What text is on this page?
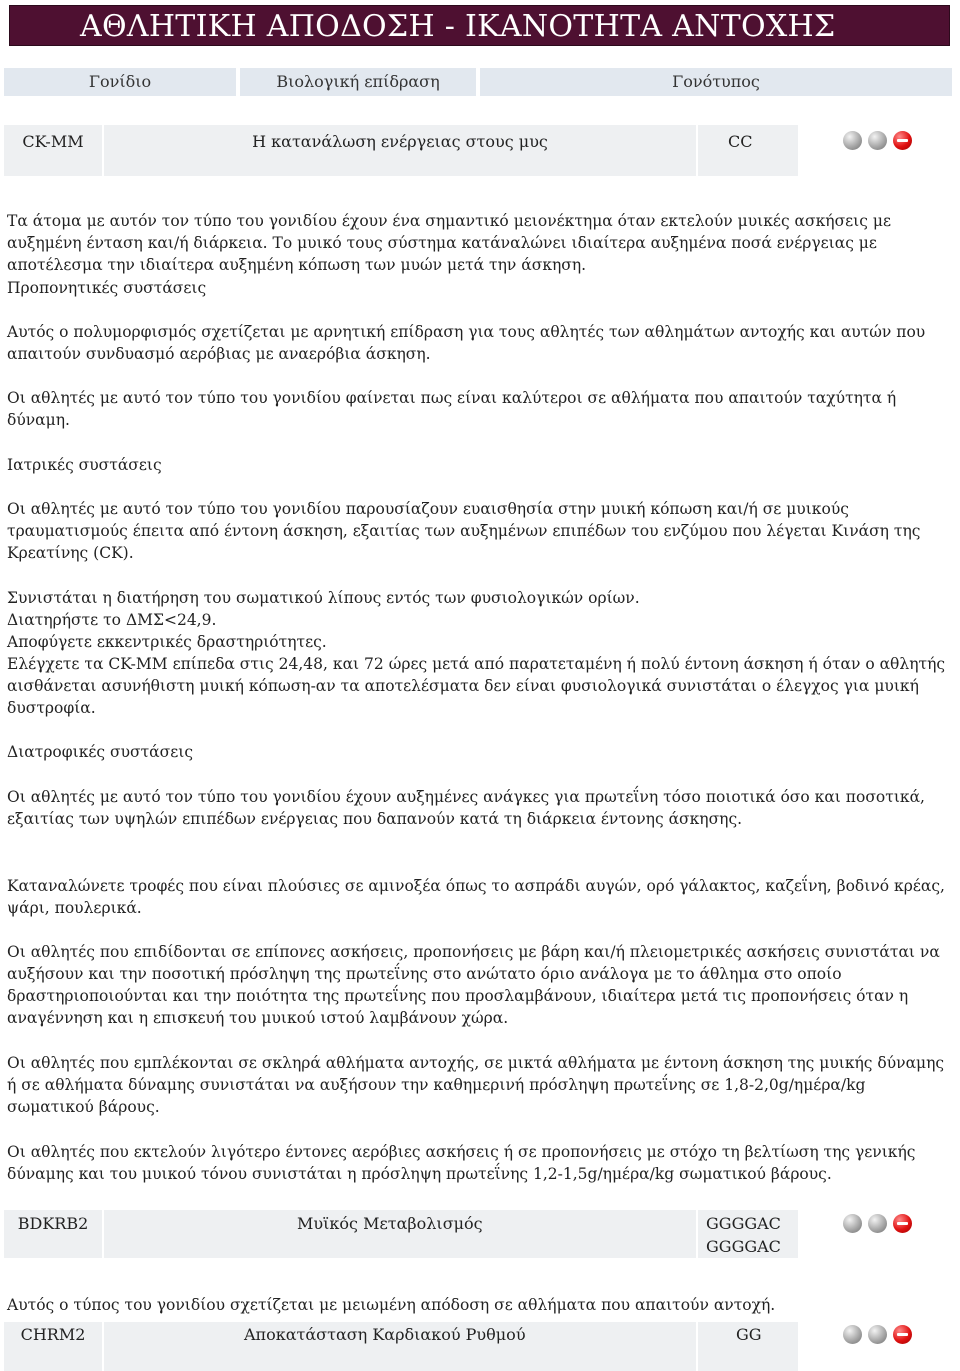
ΑΘΛΗΤΙΚΗ ΑΠΟΔΟΣΗ - ΙΚΑΝΟΤΗΤΑ ΑΝΤΟΧΗΣ
Γονίδιο	Βιολογική επίδραση	Γονότυπος
CK-MM	Η κατανάλωση ενέργειας στους μυς	CC

Τα άτομα με αυτόν τον τύπο του γονιδίου έχουν ένα σημαντικό μειονέκτημα όταν εκτελούν μυικές ασκήσεις με αυξημένη ένταση και/ή διάρκεια. Το μυικό τους σύστημα κατάναλώνει ιδιαίτερα αυξημένα ποσά ενέργειας με αποτέλεσμα την ιδιαίτερα αυξημένη κόπωση των μυών μετά την άσκηση.

Προπονητικές συστάσεις

Αυτός ο πολυμορφισμός σχετίζεται με αρνητική επίδραση για τους αθλητές των αθλημάτων αντοχής και αυτών που απαιτούν συνδυασμό αερόβιας με αναερόβια άσκηση.

Οι αθλητές με αυτό τον τύπο του γονιδίου φαίνεται πως είναι καλύτεροι σε αθλήματα που απαιτούν ταχύτητα ή δύναμη.

Ιατρικές συστάσεις

Οι αθλητές με αυτό τον τύπο του γονιδίου παρουσίαζουν ευαισθησία στην μυική κόπωση και/ή σε μυικούς τραυματισμούς έπειτα από έντονη άσκηση, εξαιτίας των αυξημένων επιπέδων του ενζύμου που λέγεται Κινάση της Κρεατίνης (CK).

Συνιστάται η διατήρηση του σωματικού λίπους εντός των φυσιολογικών ορίων.

Διατηρήστε το ΔΜΣ<24,9.

Αποφύγετε εκκεντρικές δραστηριότητες.

Ελέγχετε τα CK-MM επίπεδα στις 24,48, και 72 ώρες μετά από παρατεταμένη ή πολύ έντονη άσκηση ή όταν ο αθλητής αισθάνεται ασυνήθιστη μυική κόπωση-αν τα αποτελέσματα δεν είναι φυσιολογικά συνιστάται ο έλεγχος για μυική δυστροφία.

Διατροφικές συστάσεις

Οι αθλητές με αυτό τον τύπο του γονιδίου έχουν αυξημένες ανάγκες για πρωτεΐνη τόσο ποιοτικά όσο και ποσοτικά, εξαιτίας των υψηλών επιπέδων ενέργειας που δαπανούν κατά τη διάρκεια έντονης άσκησης.

Καταναλώνετε τροφές που είναι πλούσιες σε αμινοξέα όπως το ασπράδι αυγών, ορό γάλακτος, καζεΐνη, βοδινό κρέας, ψάρι, πουλερικά.

Οι αθλητές που επιδίδονται σε επίπονες ασκήσεις, προπονήσεις με βάρη και/ή πλειομετρικές ασκήσεις συνιστάται να αυξήσουν και την ποσοτική πρόσληψη της πρωτεΐνης στο ανώτατο όριο ανάλογα με το άθλημα στο οποίο δραστηριοποιούνται και την ποιότητα της πρωτεΐνης που προσλαμβάνουν, ιδιαίτερα μετά τις προπονήσεις όταν η αναγέννηση και η επισκευή του μυικού ιστού λαμβάνουν χώρα.

Οι αθλητές που εμπλέκονται σε σκληρά αθλήματα αντοχής, σε μικτά αθλήματα με έντονη άσκηση της μυικής δύναμης ή σε αθλήματα δύναμης συνιστάται να αυξήσουν την καθημερινή πρόσληψη πρωτεΐνης σε 1,8-2,0g/ημέρα/kg σωματικού βάρους.

Οι αθλητές που εκτελούν λιγότερο έντονες αερόβιες ασκήσεις ή σε προπονήσεις με στόχο τη βελτίωση της γενικής δύναμης και του μυικού τόνου συνιστάται η πρόσληψη πρωτεΐνης 1,2-1,5g/ημέρα/kg σωματικού βάρους.

BDKRB2	Μυϊκός Μεταβολισμός	GGGGAC
GGGGAC

Αυτός ο τύπος του γονιδίου σχετίζεται με μειωμένη απόδοση σε αθλήματα που απαιτούν αντοχή.

CHRM2	Αποκατάσταση Καρδιακού Ρυθμού	GG
